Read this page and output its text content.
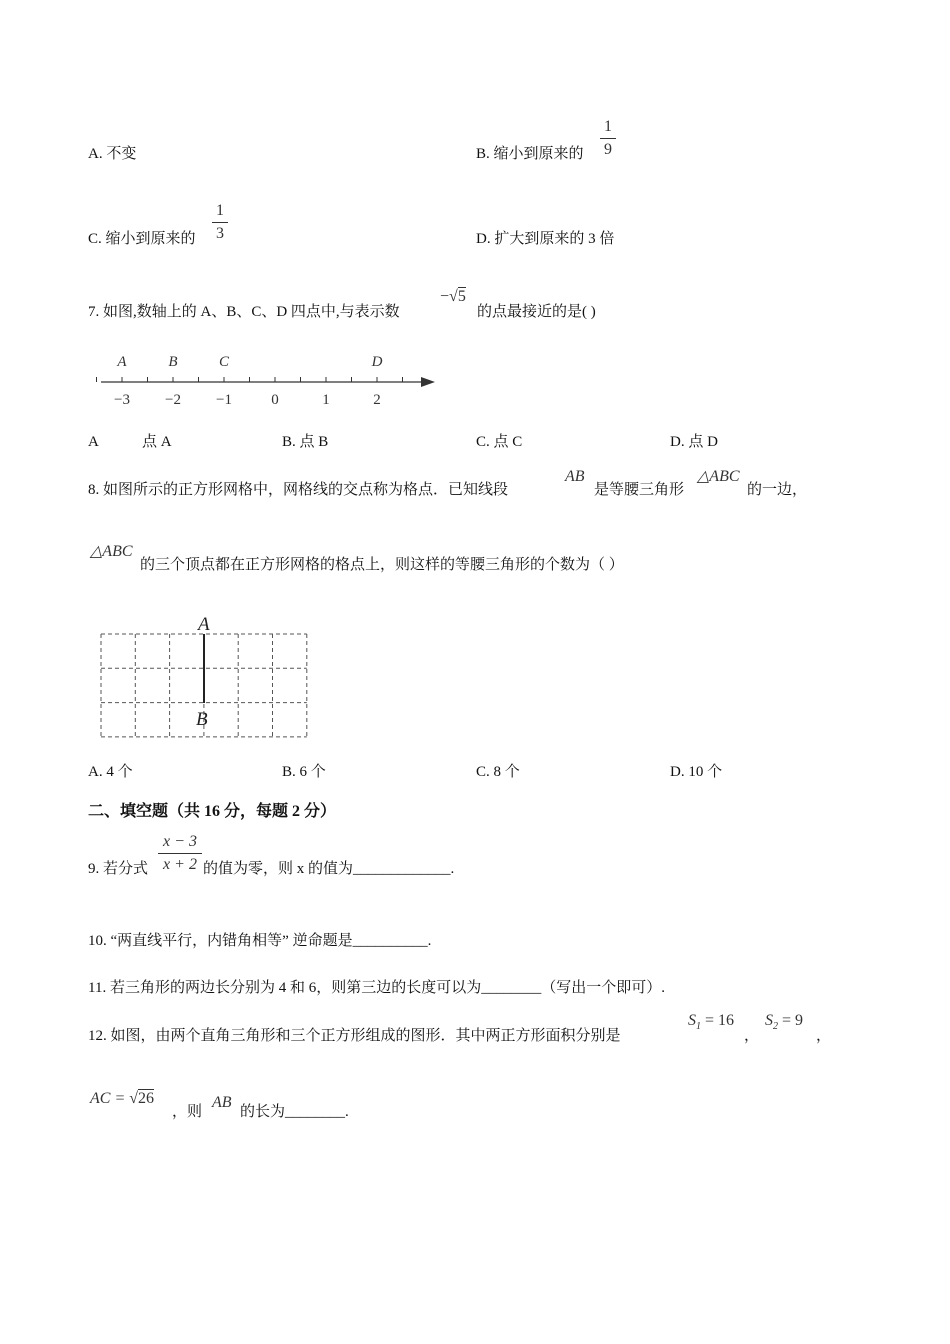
A. 不变	B. 缩小到原来的
1
9
C. 缩小到原来的
1
3	D. 扩大到原来的 3 倍
7. 如图,数轴上的 A、B、C、D 四点中,与表示数
−√5
的点最接近的是( )
−3 −2 −1	0	1	2
A	B	C	D
A	点 A	B. 点 B	C. 点 C	D. 点 D
8. 如图所示的正方形网格中，网格线的交点称为格点．已知线段
AB
是等腰三角形
△ABC
的一边，
△ABC
的三个顶点都在正方形网格的格点上，则这样的等腰三角形的个数为（ ）
A
B
A. 4 个	B. 6 个	C. 8 个	D. 10 个
二、填空题（共 16 分，每题 2 分）
9. 若分式
x − 3
x + 2 的值为零，则 x 的值为_____________.
10. “两直线平行，内错角相等” 逆命题是__________.
11. 若三角形的两边长分别为 4 和 6，则第三边的长度可以为________（写出一个即可）.
12. 如图，由两个直角三角形和三个正方形组成的图形．其中两正方形面积分别是
$S_1 = 16$
，
$S_2 = 9$
，
AC = √26
，则
AB
的长为________.
